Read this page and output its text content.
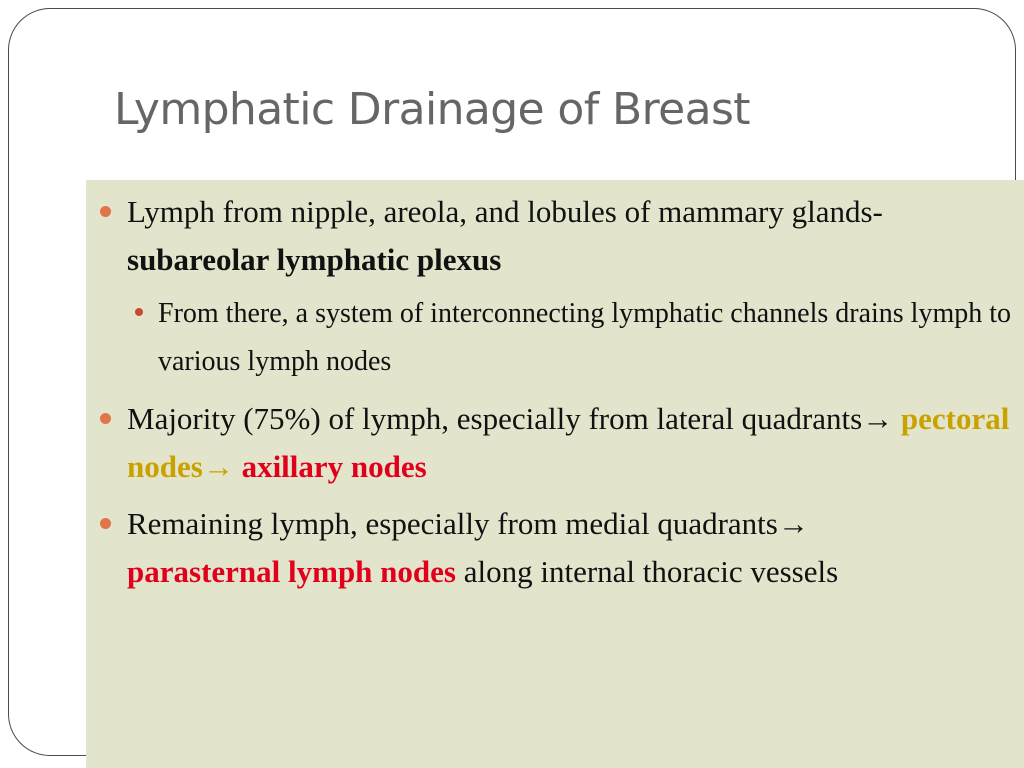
Lymphatic Drainage of Breast
Lymph from nipple, areola, and lobules of mammary glands- subareolar lymphatic plexus
From there, a system of interconnecting lymphatic channels drains lymph to various lymph nodes
Majority (75%) of lymph, especially from lateral quadrants→ pectoral nodes→ axillary nodes
Remaining lymph, especially from medial quadrants→
parasternal lymph nodes along internal thoracic vessels
